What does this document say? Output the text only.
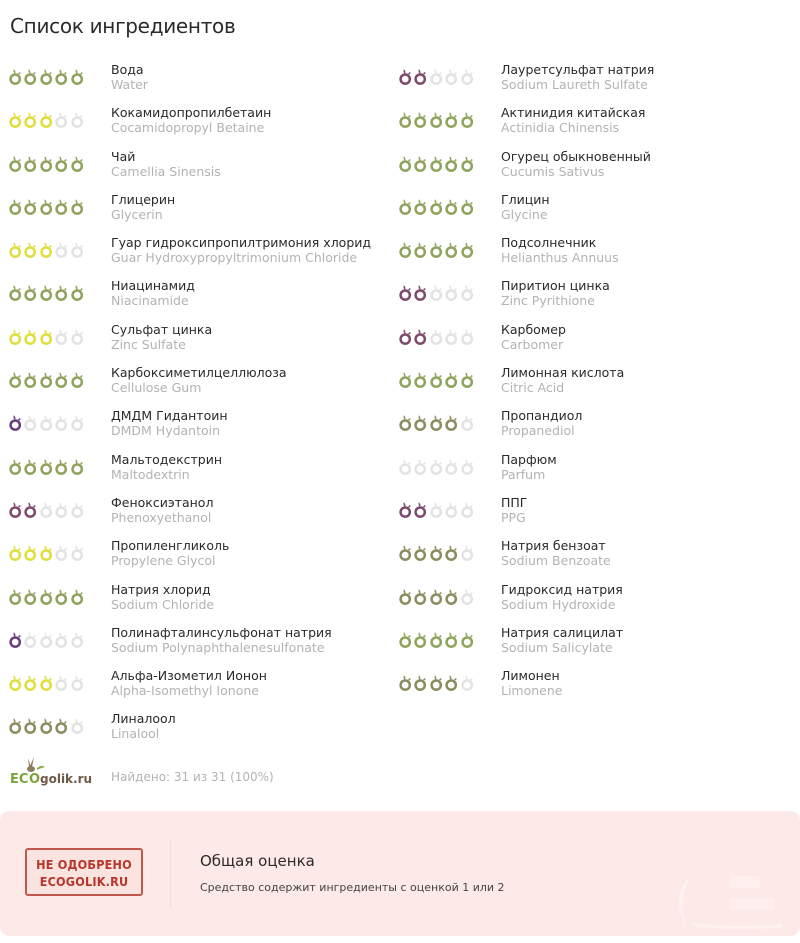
Список ингредиентов
Вода
Water
Кокамидопропилбетаин
Cocamidopropyl Betaine
Чай
Camellia Sinensis
Глицерин
Glycerin
Гуар гидроксипропилтримония хлорид
Guar Hydroxypropyltrimonium Chloride
Ниацинамид
Niacinamide
Сульфат цинка
Zinc Sulfate
Карбоксиметилцеллюлоза
Cellulose Gum
ДМДМ Гидантоин
DMDM Hydantoin
Мальтодекстрин
Maltodextrin
Феноксиэтанол
Phenoxyethanol
Пропиленгликоль
Propylene Glycol
Натрия хлорид
Sodium Chloride
Полинафталинсульфонат натрия
Sodium Polynaphthalenesulfonate
Альфа-Изометил Ионон
Alpha-Isomethyl Ionone
Линалоол
Linalool
Лауретсульфат натрия
Sodium Laureth Sulfate
Актинидия китайская
Actinidia Chinensis
Огурец обыкновенный
Cucumis Sativus
Глицин
Glycine
Подсолнечник
Helianthus Annuus
Пиритион цинка
Zinc Pyrithione
Карбомер
Carbomer
Лимонная кислота
Citric Acid
Пропандиол
Propanediol
Парфюм
Parfum
ППГ
PPG
Натрия бензоат
Sodium Benzoate
Гидроксид натрия
Sodium Hydroxide
Натрия салицилат
Sodium Salicylate
Лимонен
Limonene
EC O golik.ru Найдено: 31 из 31 (100%)
НЕ ОДОБРЕНО
ECOGOLIK.RU
Общая оценка
Средство содержит ингредиенты с оценкой 1 или 2
